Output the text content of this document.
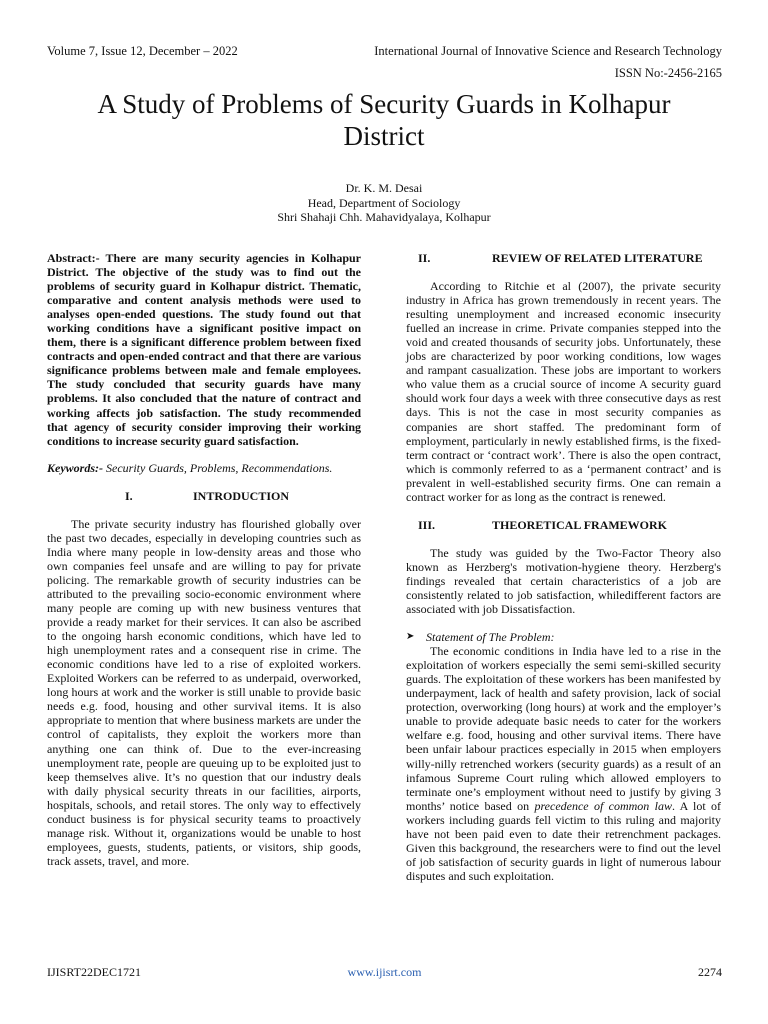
Volume 7, Issue 12, December – 2022	International Journal of Innovative Science and Research Technology
ISSN No:-2456-2165
A Study of Problems of Security Guards in Kolhapur District
Dr. K. M. Desai
Head, Department of Sociology
Shri Shahaji Chh. Mahavidyalaya, Kolhapur

Abstract:- There are many security agencies in Kolhapur District. The objective of the study was to find out the problems of security guard in Kolhapur district. Thematic, comparative and content analysis methods were used to analyses open-ended questions. The study found out that working conditions have a significant positive impact on them, there is a significant difference problem between fixed contracts and open-ended contract and that there are various significance problems between male and female employees. The study concluded that security guards have many problems. It also concluded that the nature of contract and working affects job satisfaction. The study recommended that agency of security consider improving their working conditions to increase security guard satisfaction.

Keywords:- Security Guards, Problems, Recommendations.

I.	INTRODUCTION

The private security industry has flourished globally over the past two decades, especially in developing countries such as India where many people in low-density areas and those who own companies feel unsafe and are willing to pay for private policing. The remarkable growth of security industries can be attributed to the prevailing socio-economic environment where many people are coming up with new business ventures that provide a ready market for their services. It can also be ascribed to the ongoing harsh economic conditions, which have led to high unemployment rates and a consequent rise in crime. The economic conditions have led to a rise of exploited workers. Exploited Workers can be referred to as underpaid, overworked, long hours at work and the worker is still unable to provide basic needs e.g. food, housing and other survival items. It is also appropriate to mention that where business markets are under the control of capitalists, they exploit the workers more than anything one can think of. Due to the ever-increasing unemployment rate, people are queuing up to be exploited just to keep themselves alive. It’s no question that our industry deals with daily physical security threats in our facilities, airports, hospitals, schools, and retail stores. The only way to effectively conduct business is for physical security teams to proactively manage risk. Without it, organizations would be unable to host employees, guests, students, patients, or visitors, ship goods, track assets, travel, and more.

II.	REVIEW OF RELATED LITERATURE

According to Ritchie et al (2007), the private security industry in Africa has grown tremendously in recent years. The resulting unemployment and increased economic insecurity fuelled an increase in crime. Private companies stepped into the void and created thousands of security jobs. Unfortunately, these jobs are characterized by poor working conditions, low wages and rampant casualization. These jobs are important to workers who value them as a crucial source of income A security guard should work four days a week with three consecutive days as rest days. This is not the case in most security companies as companies are short staffed. The predominant form of employment, particularly in newly established firms, is the fixed-term contract or ‘contract work’. There is also the open contract, which is commonly referred to as a ‘permanent contract’ and is prevalent in well-established security firms. One can remain a contract worker for as long as the contract is renewed.

III.	THEORETICAL FRAMEWORK

The study was guided by the Two-Factor Theory also known as Herzberg's motivation-hygiene theory. Herzberg's findings revealed that certain characteristics of a job are consistently related to job satisfaction, whiledifferent factors are associated with job Dissatisfaction.

➤ Statement of The Problem:

The economic conditions in India have led to a rise in the exploitation of workers especially the semi semi-skilled security guards. The exploitation of these workers has been manifested by underpayment, lack of health and safety provision, lack of social protection, overworking (long hours) at work and the employer’s unable to provide adequate basic needs to cater for the workers welfare e.g. food, housing and other survival items. There have been unfair labour practices especially in 2015 when employers willy-nilly retrenched workers (security guards) as a result of an infamous Supreme Court ruling which allowed employers to terminate one’s employment without need to justify by giving 3 months’ notice based on precedence of common law. A lot of workers including guards fell victim to this ruling and majority have not been paid even to date their retrenchment packages. Given this background, the researchers were to find out the level of job satisfaction of security guards in light of numerous labour disputes and such exploitation.

IJISRT22DEC1721	www.ijisrt.com	2274
